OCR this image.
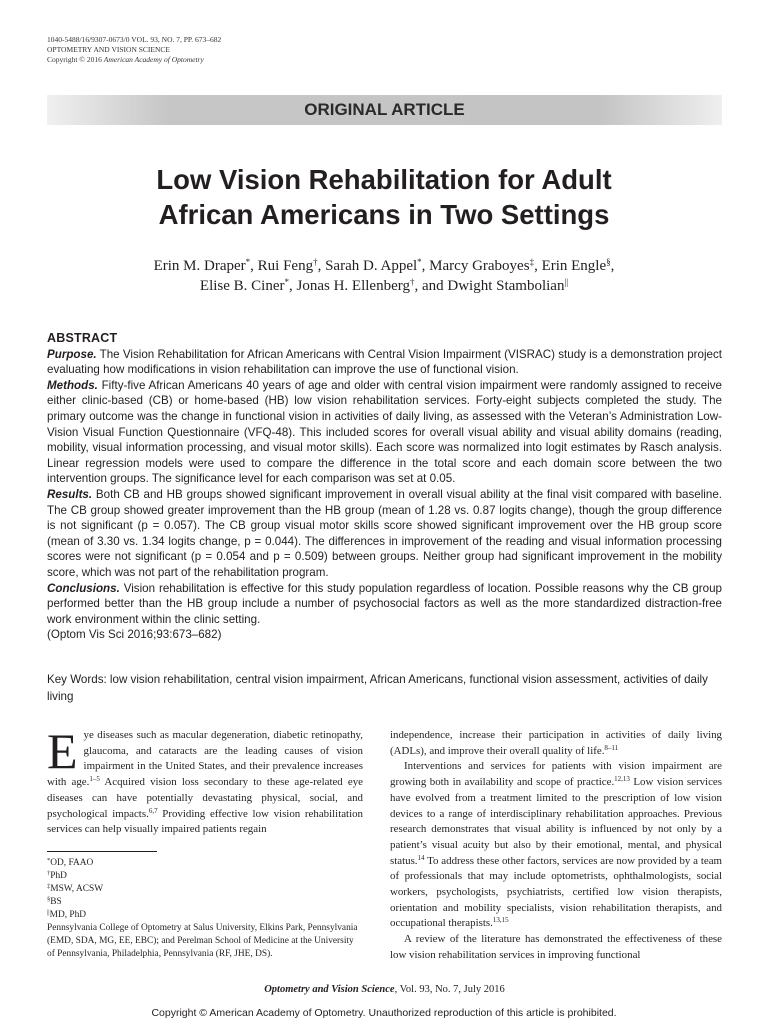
1040-5488/16/9307-0673/0 VOL. 93, NO. 7, PP. 673–682
OPTOMETRY AND VISION SCIENCE
Copyright © 2016 American Academy of Optometry
ORIGINAL ARTICLE
Low Vision Rehabilitation for Adult
African Americans in Two Settings
Erin M. Draper*, Rui Feng†, Sarah D. Appel*, Marcy Graboyes‡, Erin Engle§,
Elise B. Ciner*, Jonas H. Ellenberg†, and Dwight Stambolian||
ABSTRACT

Purpose. The Vision Rehabilitation for African Americans with Central Vision Impairment (VISRAC) study is a demonstration project evaluating how modifications in vision rehabilitation can improve the use of functional vision.

Methods. Fifty-five African Americans 40 years of age and older with central vision impairment were randomly assigned to receive either clinic-based (CB) or home-based (HB) low vision rehabilitation services. Forty-eight subjects completed the study. The primary outcome was the change in functional vision in activities of daily living, as assessed with the Veteran’s Administration Low-Vision Visual Function Questionnaire (VFQ-48). This included scores for overall visual ability and visual ability domains (reading, mobility, visual information processing, and visual motor skills). Each score was normalized into logit estimates by Rasch analysis. Linear regression models were used to compare the difference in the total score and each domain score between the two intervention groups. The significance level for each comparison was set at 0.05.

Results. Both CB and HB groups showed significant improvement in overall visual ability at the final visit compared with baseline. The CB group showed greater improvement than the HB group (mean of 1.28 vs. 0.87 logits change), though the group difference is not significant (p = 0.057). The CB group visual motor skills score showed significant improvement over the HB group score (mean of 3.30 vs. 1.34 logits change, p = 0.044). The differences in improvement of the reading and visual information processing scores were not significant (p = 0.054 and p = 0.509) between groups. Neither group had significant improvement in the mobility score, which was not part of the rehabilitation program.

Conclusions. Vision rehabilitation is effective for this study population regardless of location. Possible reasons why the CB group performed better than the HB group include a number of psychosocial factors as well as the more standardized distraction-free work environment within the clinic setting.

(Optom Vis Sci 2016;93:673–682)

Key Words: low vision rehabilitation, central vision impairment, African Americans, functional vision assessment, activities of daily living

Eye diseases such as macular degeneration, diabetic retinopathy, glaucoma, and cataracts are the leading causes of vision impairment in the United States, and their prevalence increases with age.$^{1-5}$ Acquired vision loss secondary to these age-related eye diseases can have potentially devastating physical, social, and psychological impacts.$^{6,7}$ Providing effective low vision rehabilitation services can help visually impaired patients regain

*OD, FAAO
†PhD
‡MSW, ACSW
§BS
||MD, PhD
Pennsylvania College of Optometry at Salus University, Elkins Park, Pennsylvania (EMD, SDA, MG, EE, EBC); and Perelman School of Medicine at the University of Pennsylvania, Philadelphia, Pennsylvania (RF, JHE, DS).

independence, increase their participation in activities of daily living (ADLs), and improve their overall quality of life.$^{8-11}$

Interventions and services for patients with vision impairment are growing both in availability and scope of practice.$^{12,13}$ Low vision services have evolved from a treatment limited to the prescription of low vision devices to a range of interdisciplinary rehabilitation approaches. Previous research demonstrates that visual ability is influenced by not only by a patient’s visual acuity but also by their emotional, mental, and physical status.$^{14}$ To address these other factors, services are now provided by a team of professionals that may include optometrists, ophthalmologists, social workers, psychologists, psychiatrists, certified low vision therapists, orientation and mobility specialists, vision rehabilitation therapists, and occupational therapists.$^{13,15}$

A review of the literature has demonstrated the effectiveness of these low vision rehabilitation services in improving functional

Optometry and Vision Science, Vol. 93, No. 7, July 2016
Copyright © American Academy of Optometry. Unauthorized reproduction of this article is prohibited.
